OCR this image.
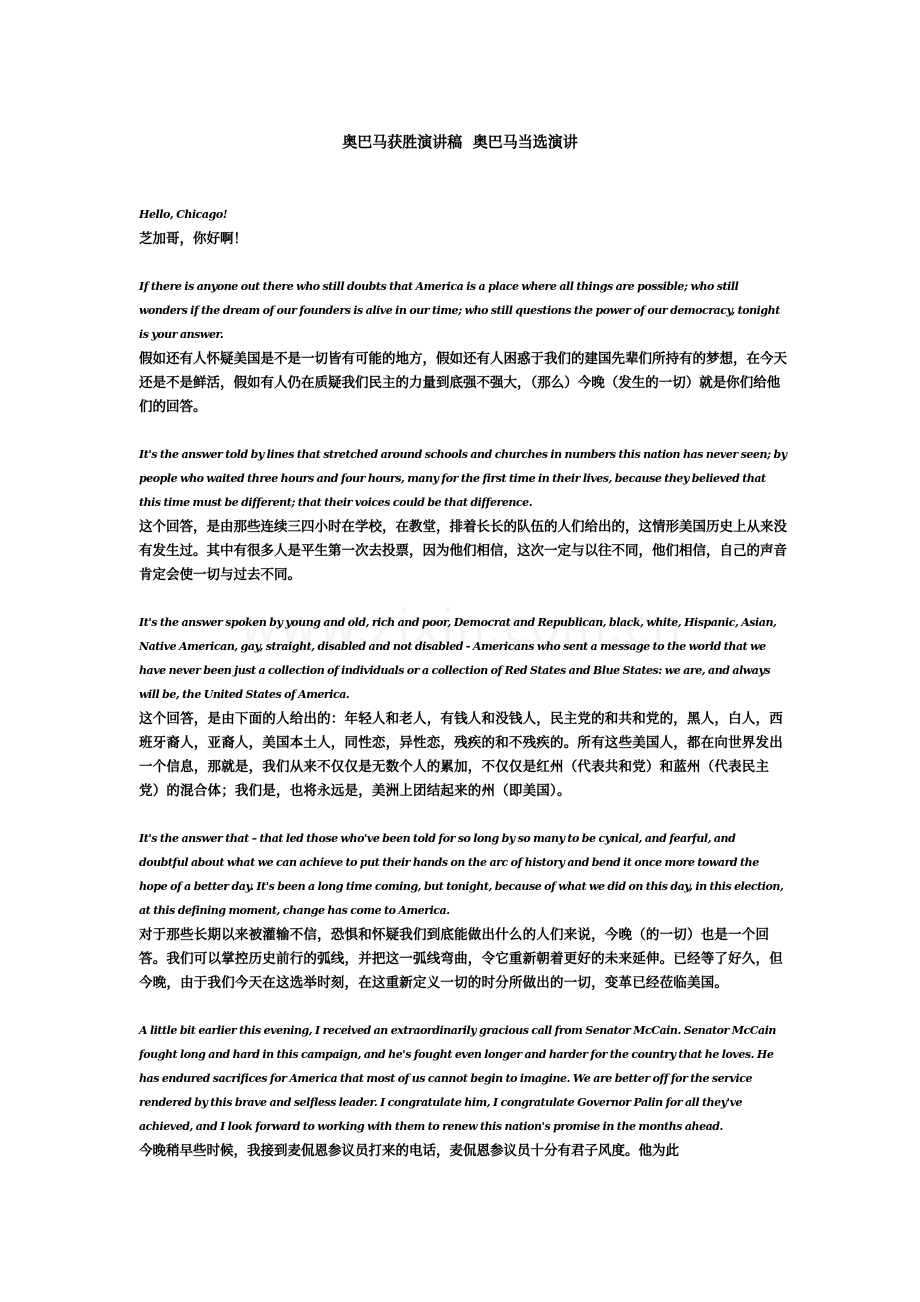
奥巴马获胜演讲稿  奥巴马当选演讲

Hello, Chicago!

芝加哥，你好啊！

If there is anyone out there who still doubts that America is a place where all things are possible; who still wonders if the dream of our founders is alive in our time; who still questions the power of our democracy, tonight is your answer.

假如还有人怀疑美国是不是一切皆有可能的地方，假如还有人困惑于我们的建国先辈们所持有的梦想，在今天还是不是鲜活，假如有人仍在质疑我们民主的力量到底强不强大，（那么）今晚（发生的一切）就是你们给他们的回答。

It's the answer told by lines that stretched around schools and churches in numbers this nation has never seen; by people who waited three hours and four hours, many for the first time in their lives, because they believed that this time must be different; that their voices could be that difference.

这个回答，是由那些连续三四小时在学校，在教堂，排着长长的队伍的人们给出的，这情形美国历史上从来没有发生过。其中有很多人是平生第一次去投票，因为他们相信，这次一定与以往不同，他们相信，自己的声音肯定会使一切与过去不同。

It's the answer spoken by young and old, rich and poor, Democrat and Republican, black, white, Hispanic, Asian, Native American, gay, straight, disabled and not disabled - Americans who sent a message to the world that we have never been just a collection of individuals or a collection of Red States and Blue States: we are, and always will be, the United States of America.

这个回答，是由下面的人给出的：年轻人和老人，有钱人和没钱人，民主党的和共和党的，黑人，白人，西班牙裔人，亚裔人，美国本土人，同性恋，异性恋，残疾的和不残疾的。所有这些美国人，都在向世界发出一个信息，那就是，我们从来不仅仅是无数个人的累加，不仅仅是红州（代表共和党）和蓝州（代表民主党）的混合体；我们是，也将永远是，美洲上团结起来的州（即美国）。

It's the answer that – that led those who've been told for so long by so many to be cynical, and fearful, and doubtful about what we can achieve to put their hands on the arc of history and bend it once more toward the hope of a better day. It's been a long time coming, but tonight, because of what we did on this day, in this election, at this defining moment, change has come to America.

对于那些长期以来被灌输不信，恐惧和怀疑我们到底能做出什么的人们来说，今晚（的一切）也是一个回答。我们可以掌控历史前行的弧线，并把这一弧线弯曲，令它重新朝着更好的未来延伸。已经等了好久，但今晚，由于我们今天在这选举时刻，在这重新定义一切的时分所做出的一切，变革已经莅临美国。

A little bit earlier this evening, I received an extraordinarily gracious call from Senator McCain. Senator McCain fought long and hard in this campaign, and he's fought even longer and harder for the country that he loves. He has endured sacrifices for America that most of us cannot begin to imagine. We are better off for the service rendered by this brave and selfless leader. I congratulate him, I congratulate Governor Palin for all they've achieved, and I look forward to working with them to renew this nation's promise in the months ahead.

今晚稍早些时候，我接到麦侃恩参议员打来的电话，麦侃恩参议员十分有君子风度。他为此
